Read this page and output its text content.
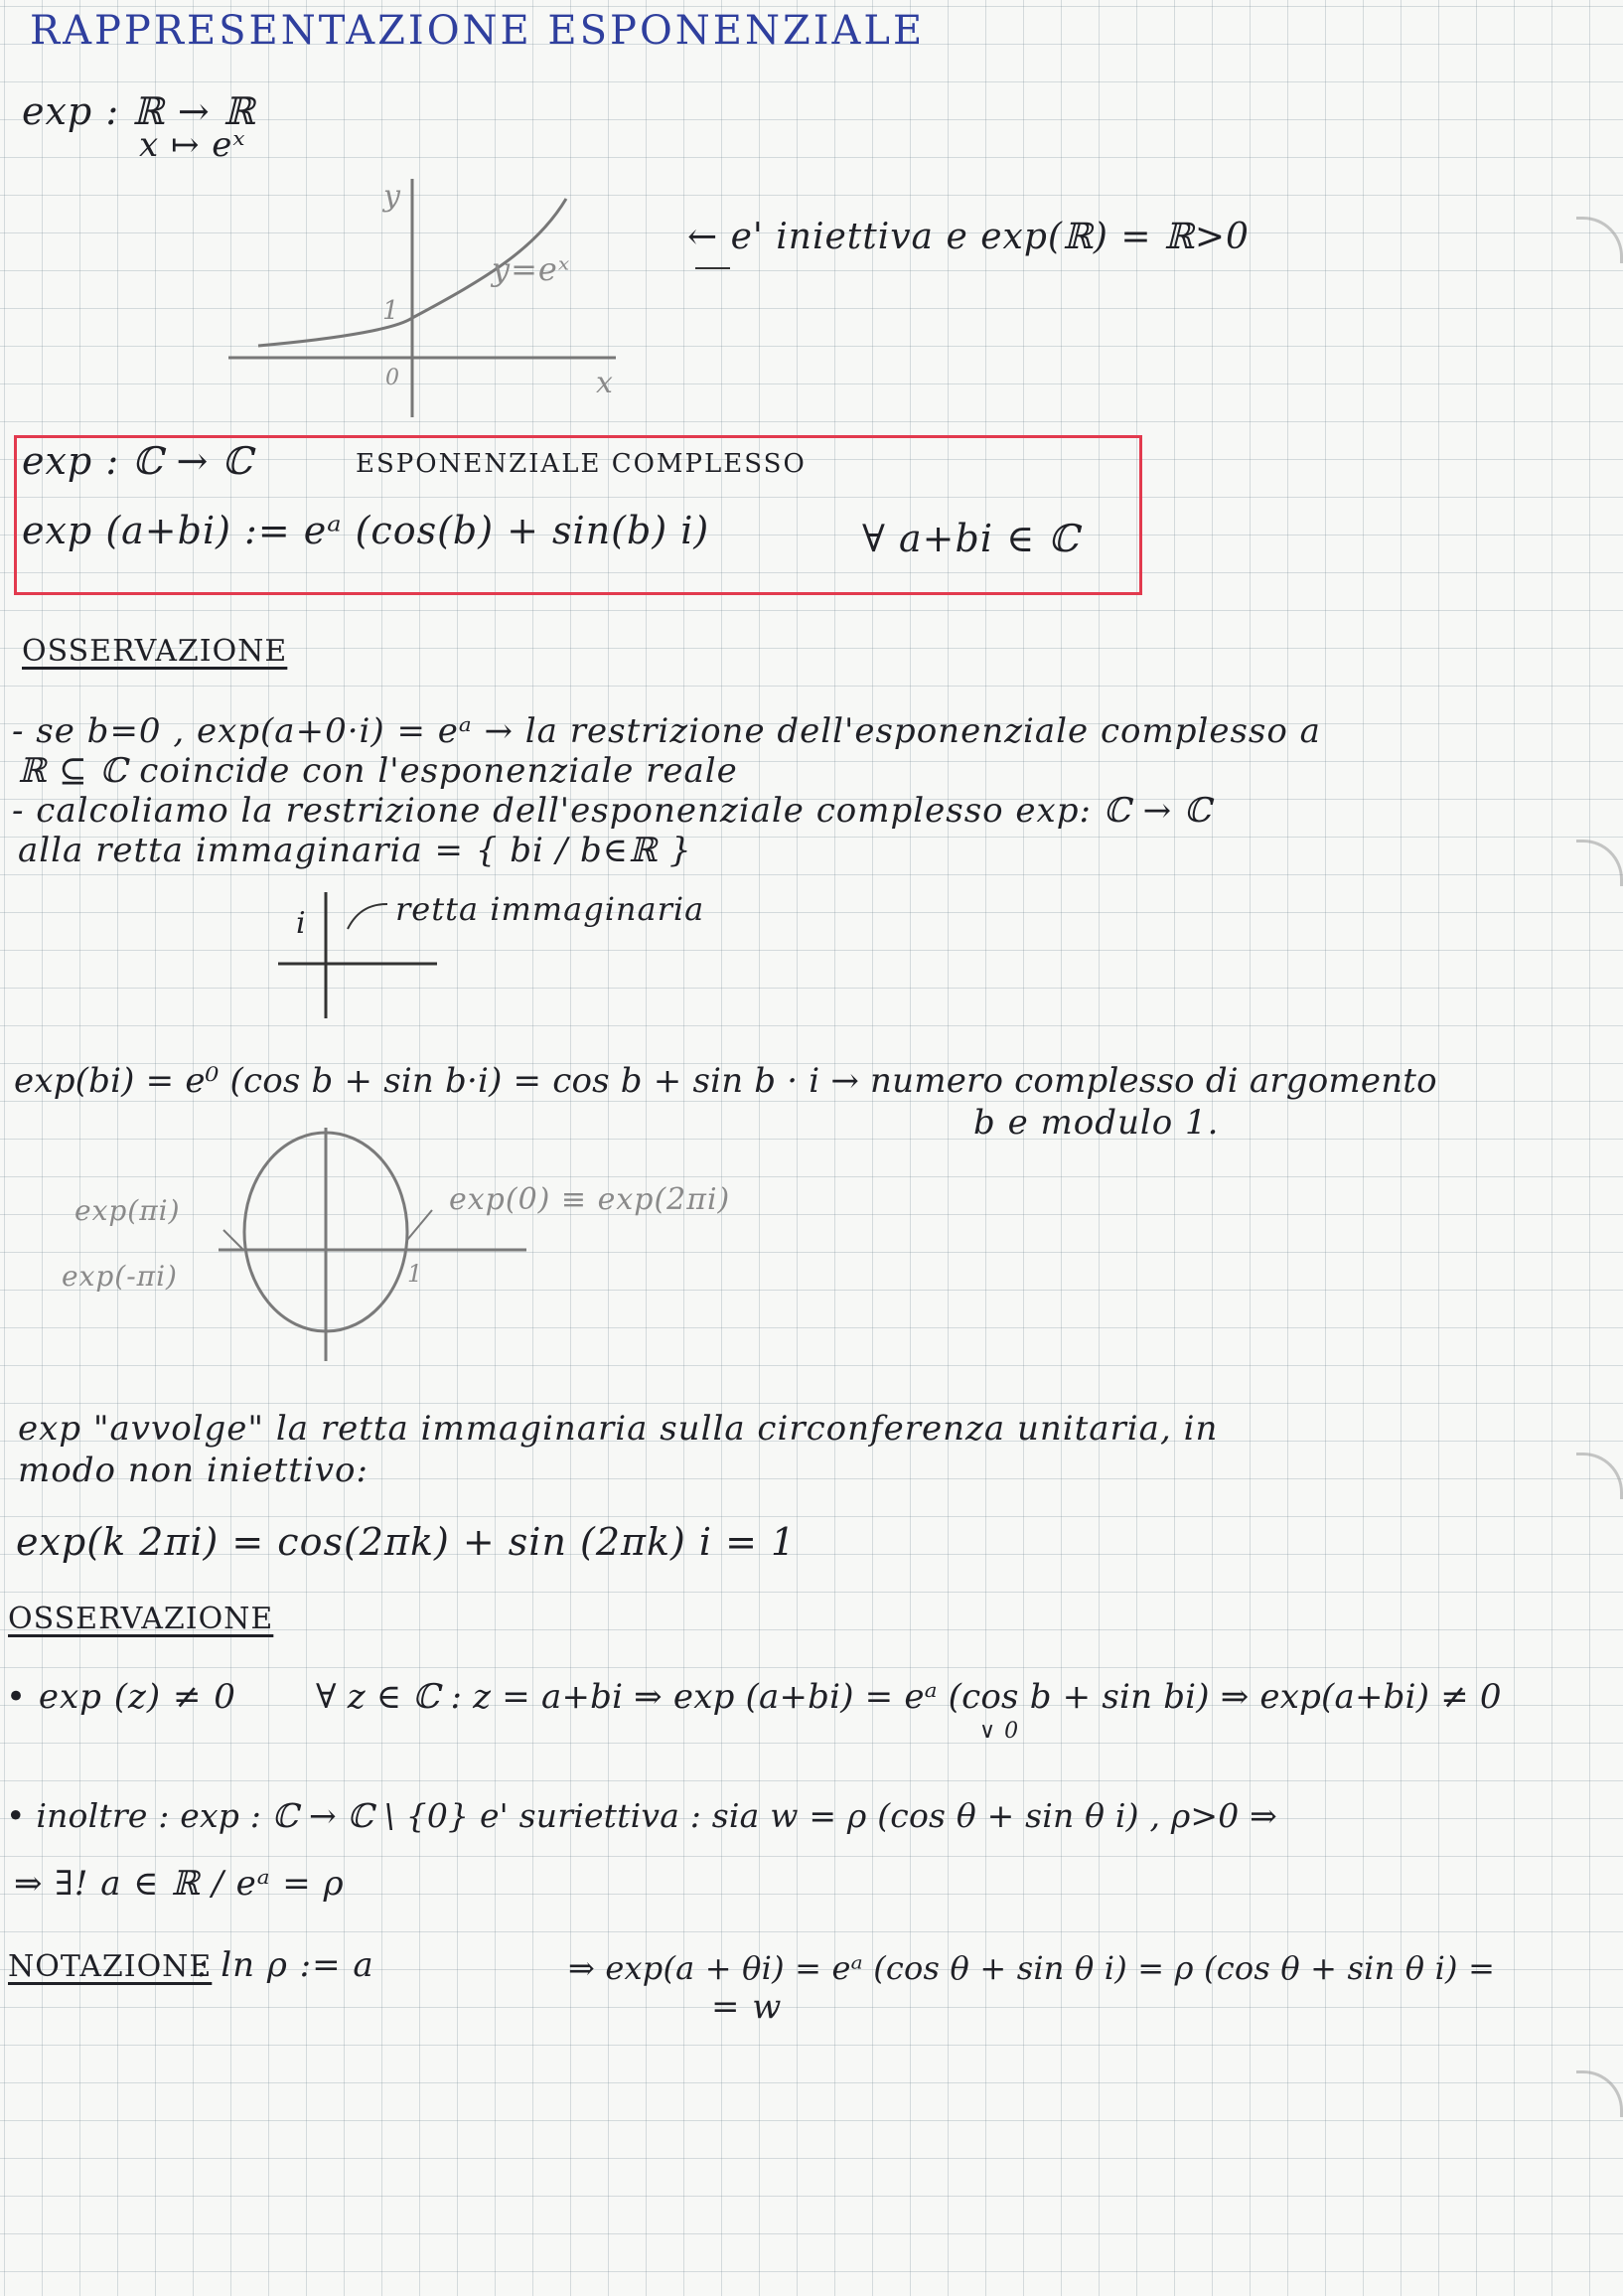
RAPPRESENTAZIONE ESPONENZIALE
exp : ℝ → ℝ
x ↦ eˣ
y
x
1
0
y=eˣ
← e' iniettiva e exp(ℝ) = ℝ>0
exp : ℂ → ℂ	ESPONENZIALE COMPLESSO
exp (a+bi) := eᵃ (cos(b) + sin(b) i)	∀ a+bi ∈ ℂ
OSSERVAZIONE
- se b=0 , exp(a+0·i) = eᵃ → la restrizione dell'esponenziale complesso a
ℝ ⊆ ℂ coincide con l'esponenziale reale
- calcoliamo la restrizione dell'esponenziale complesso exp: ℂ → ℂ
alla retta immaginaria = { bi / b∈ℝ }
i	retta immaginaria
exp(bi) = e⁰ (cos b + sin b·i) = cos b + sin b · i → numero complesso di argomento
b e modulo 1.
exp(πi)
exp(-πi)
exp(0) ≡ exp(2πi)
1
exp "avvolge" la retta immaginaria sulla circonferenza unitaria, in
modo non iniettivo:
exp(k 2πi) = cos(2πk) + sin (2πk) i = 1
OSSERVAZIONE
• exp (z) ≠ 0 ∀ z ∈ ℂ : z = a+bi ⇒ exp (a+bi) = eᵃ (cos b + sin bi) ⇒ exp(a+bi) ≠ 0
∨ 0
• inoltre : exp : ℂ → ℂ \ {0} e' suriettiva : sia w = ρ (cos θ + sin θ i) , ρ>0 ⇒
⇒ ∃! a ∈ ℝ / eᵃ = ρ
NOTAZIONE
: ln ρ := a	⇒ exp(a + θi) = eᵃ (cos θ + sin θ i) = ρ (cos θ + sin θ i) =
= w
